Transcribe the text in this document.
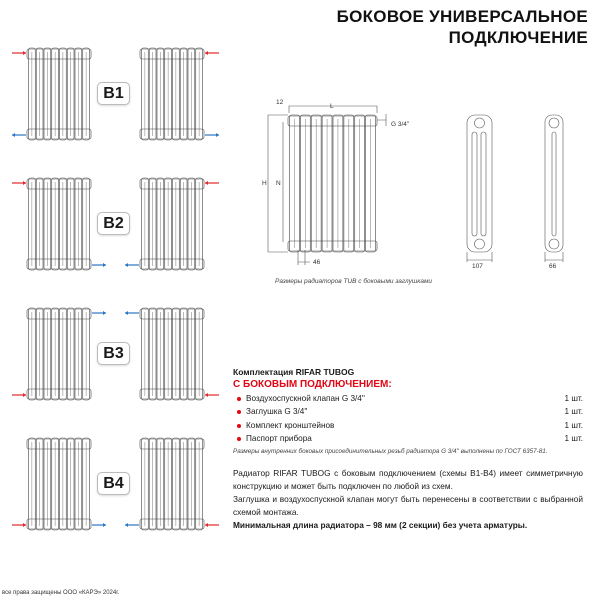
БОКОВОЕ УНИВЕРСАЛЬНОЕ
ПОДКЛЮЧЕНИЕ
B1
B2
B3
B4
12
L
G 3/4''
H N
46
107	66
Размеры радиаторов TUB с боковыми заглушками
Комплектация RIFAR TUBOG
С БОКОВЫМ ПОДКЛЮЧЕНИЕМ:
Воздухоспускной клапан G 3/4''	1 шт.
Заглушка G 3/4''	1 шт.
Комплект кронштейнов	1 шт.
Паспорт прибора	1 шт.
Размеры внутренних боковых присоединительных резьб радиатора G 3/4'' выполнены по ГОСТ 6357-81.
Радиатор RIFAR TUBOG с боковым подключением (схемы B1-B4) имеет симметричную конструкцию и может быть подключен по любой из схем.
Заглушка и воздухоспускной клапан могут быть перенесены в соответствии с выбранной схемой монтажа.
Минимальная длина радиатора – 98 мм (2 секции) без учета арматуры.
все права защищены ООО «КАРЭ» 2024г.
